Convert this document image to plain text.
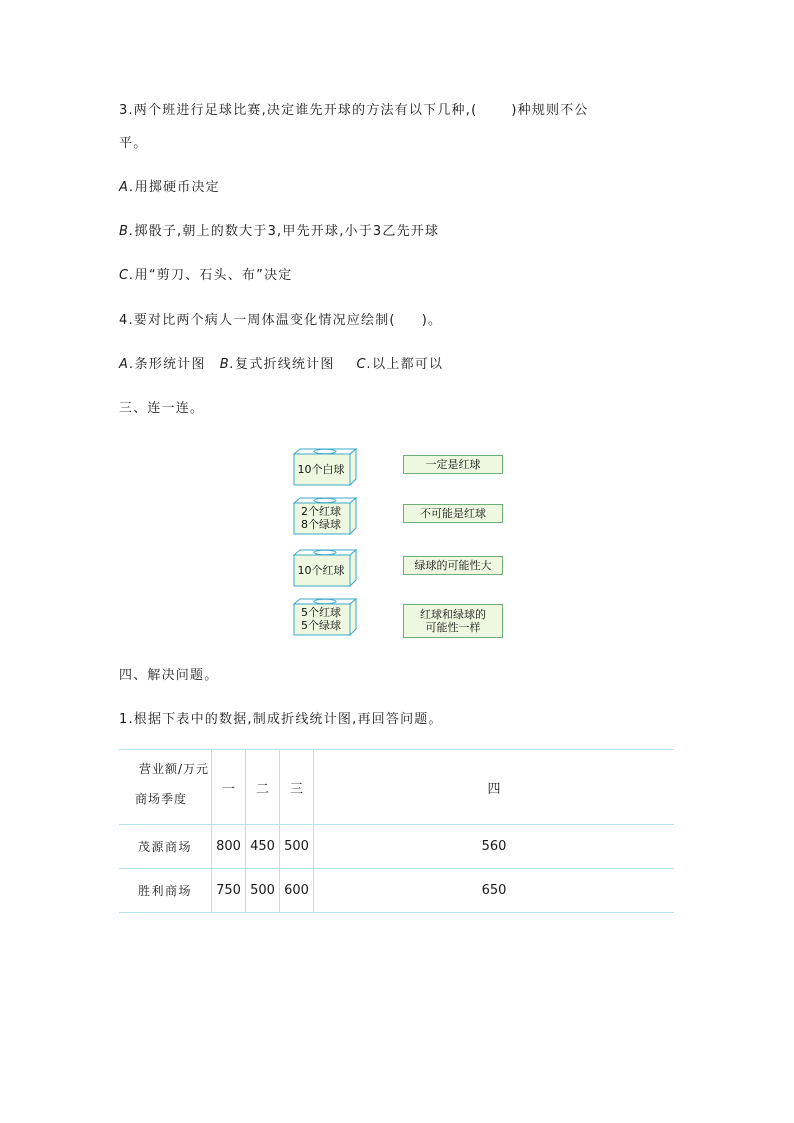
3.两个班进行足球比赛,决定谁先开球的方法有以下几种,(	)种规则不公
平。
A.用掷硬币决定
B.掷骰子,朝上的数大于3,甲先开球,小于3乙先开球
C.用“剪刀、石头、布”决定
4.要对比两个病人一周体温变化情况应绘制( )。
A.条形统计图 B.复式折线统计图 C.以上都可以
三、连一连。
10个白球
2个红球
8个绿球
10个红球
5个红球
5个绿球
一定是红球
不可能是红球
绿球的可能性大
红球和绿球的
可能性一样
四、解决问题。
1.根据下表中的数据,制成折线统计图,再回答问题。
营业额/万元
商场季度	一	二	三	四
茂源商场	800	450	500	560
胜利商场	750	500	600	650
